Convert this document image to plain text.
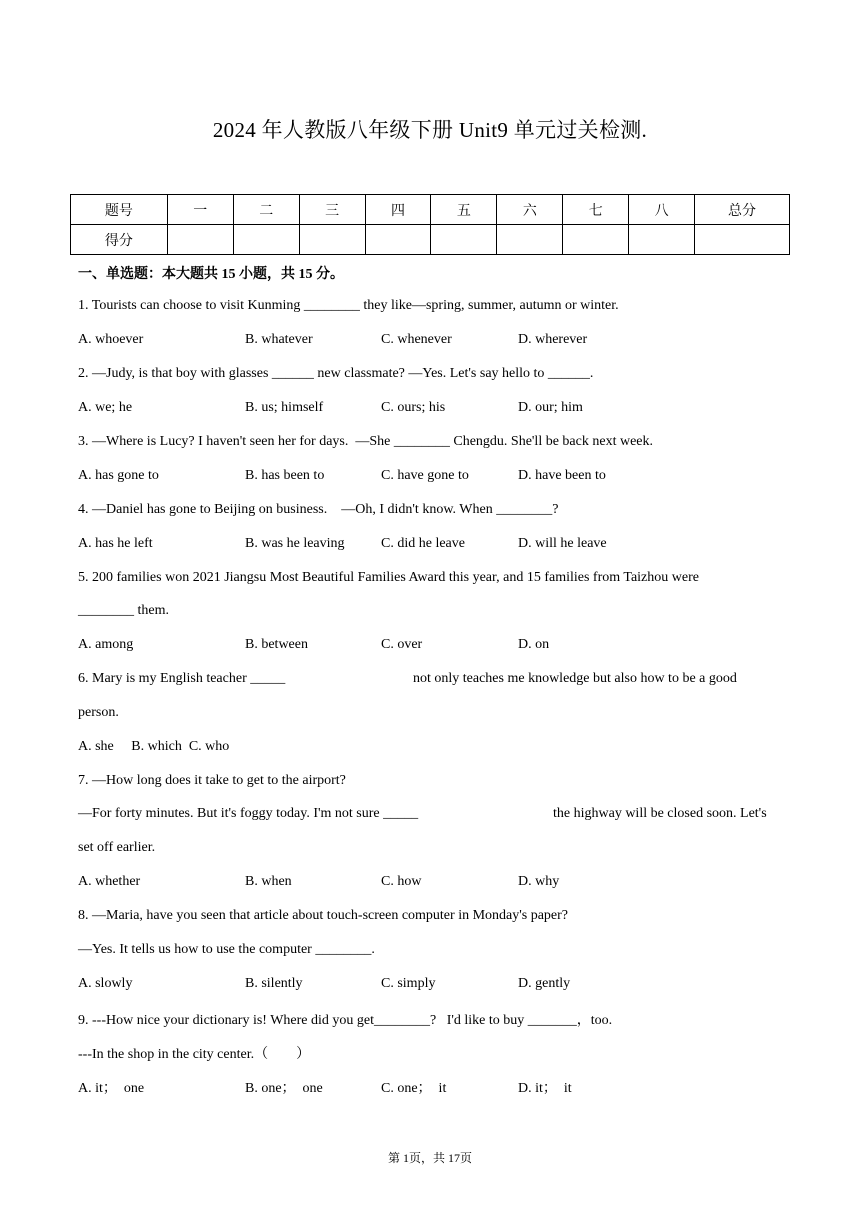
2024 年人教版八年级下册 Unit9 单元过关检测.
题号	一	二	三	四	五	六	七	八	总分
得分									
一、单选题：本大题共 15 小题，共 15 分。
1. Tourists can choose to visit Kunming ________ they like—spring, summer, autumn or winter.
A. whoever	B. whatever	C. whenever	D. wherever
2. —Judy, is that boy with glasses ______ new classmate? —Yes. Let's say hello to ______.
A. we; he	B. us; himself	C. ours; his	D. our; him
3. —Where is Lucy? I haven't seen her for days.  —She ________ Chengdu. She'll be back next week.
A. has gone to	B. has been to	C. have gone to	D. have been to
4. —Daniel has gone to Beijing on business.    —Oh, I didn't know. When ________?
A. has he left	B. was he leaving	C. did he leave	D. will he leave
5. 200 families won 2021 Jiangsu Most Beautiful Families Award this year, and 15 families from Taizhou were
________ them.
A. among	B. between	C. over	D. on
6. Mary is my English teacher _____	not only teaches me knowledge but also how to be a good
person.
A. she     B. which  C. who
7. —How long does it take to get to the airport?
—For forty minutes. But it's foggy today. I'm not sure _____	the highway will be closed soon. Let's
set off earlier.
A. whether	B. when	C. how	D. why
8. —Maria, have you seen that article about touch-screen computer in Monday's paper?
—Yes. It tells us how to use the computer ________.
A. slowly	B. silently	C. simply	D. gently
9. ---How nice your dictionary is! Where did you get________?   I'd like to buy _______，too.
---In the shop in the city center.（        ）
A. it；  one	B. one；  one	C. one；  it	D. it；  it
第 1页，共 17页
